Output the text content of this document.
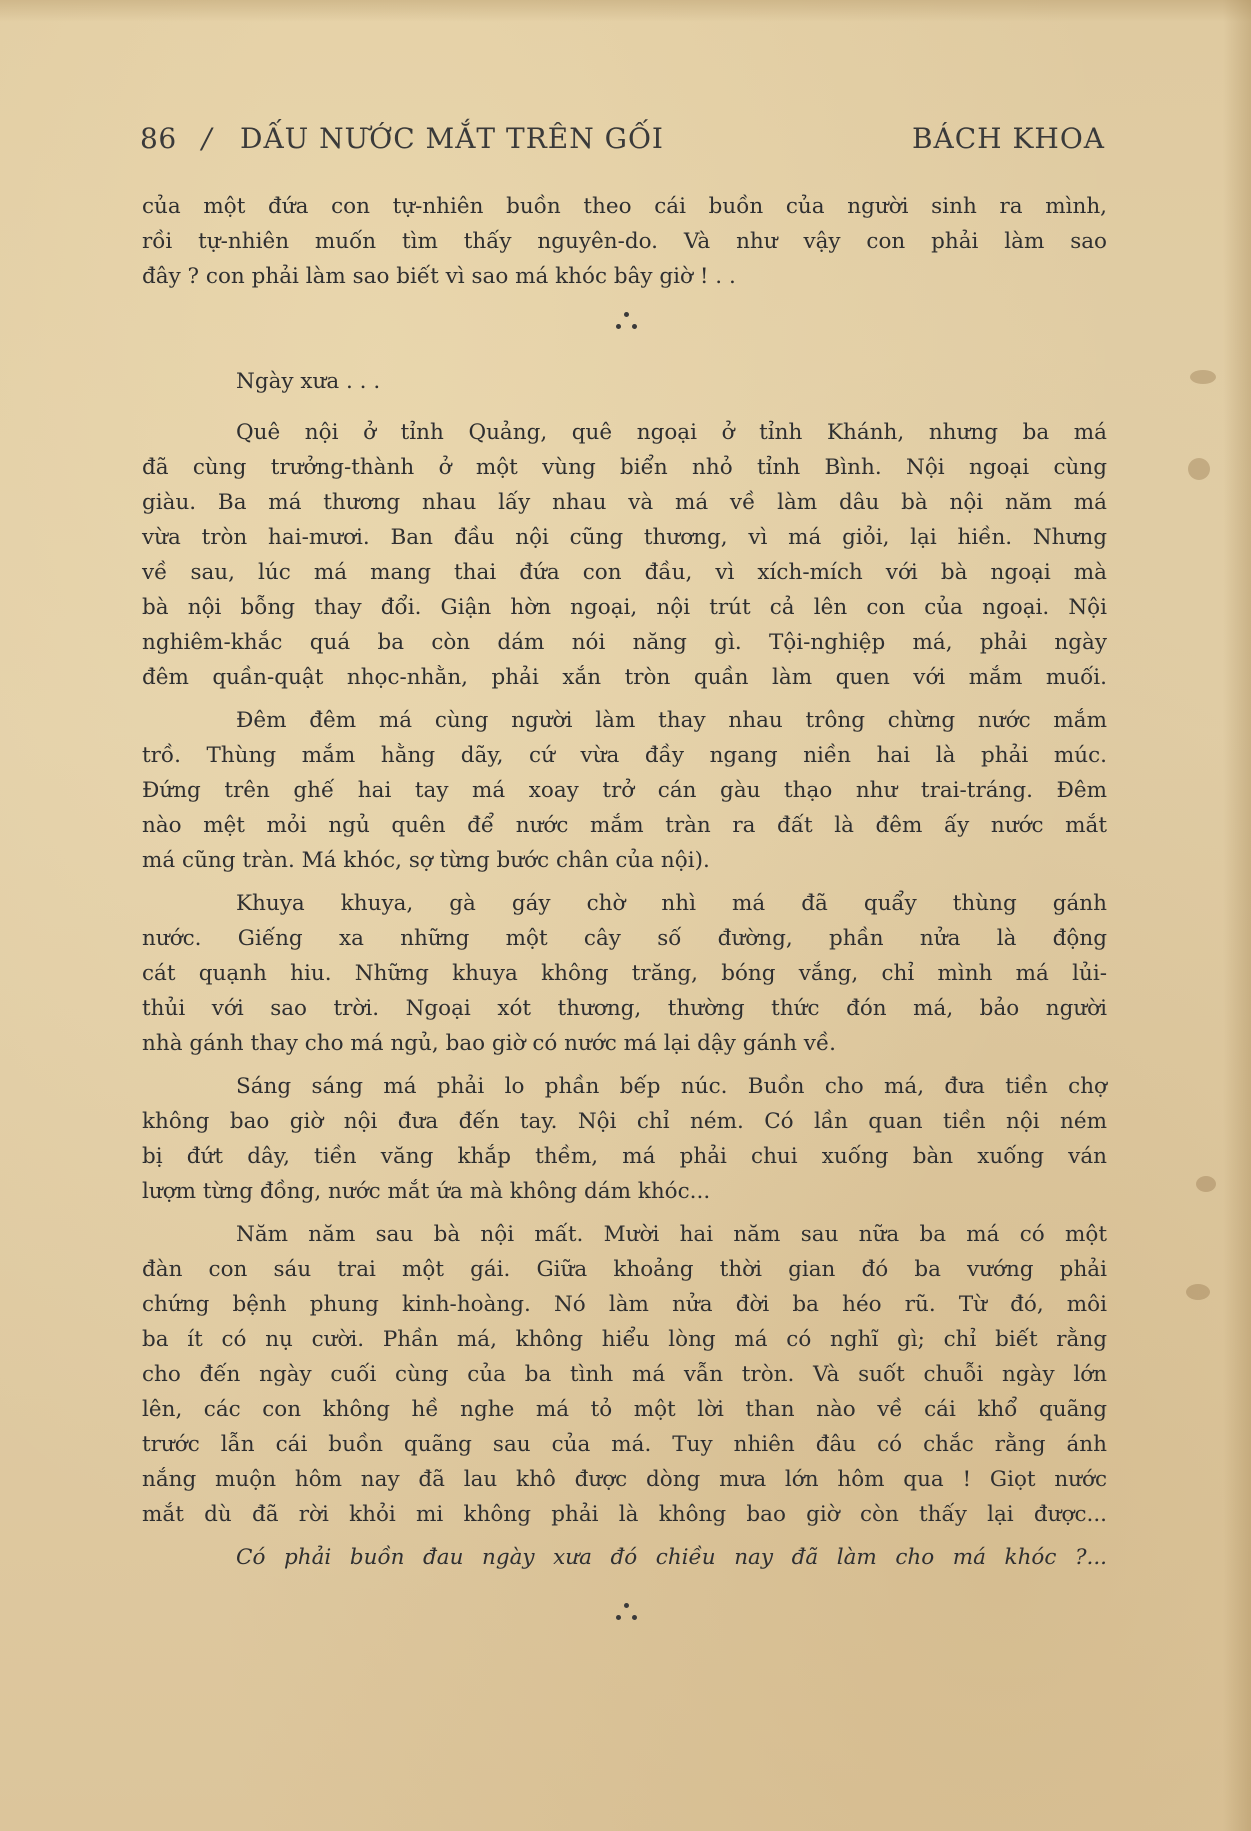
86 / DẤU NƯỚC MẮT TRÊN GỐI	BÁCH KHOA

của một đứa con tự-nhiên buồn theo cái buồn của người sinh ra mình,
rồi tự-nhiên muốn tìm thấy nguyên-do. Và như vậy con phải làm sao
đây ? con phải làm sao biết vì sao má khóc bây giờ ! . .

Ngày xưa . . .

Quê nội ở tỉnh Quảng, quê ngoại ở tỉnh Khánh, nhưng ba má
đã cùng trưởng-thành ở một vùng biển nhỏ tỉnh Bình. Nội ngoại cùng
giàu. Ba má thương nhau lấy nhau và má về làm dâu bà nội năm má
vừa tròn hai-mươi. Ban đầu nội cũng thương, vì má giỏi, lại hiền. Nhưng
về sau, lúc má mang thai đứa con đầu, vì xích-mích với bà ngoại mà
bà nội bỗng thay đổi. Giận hờn ngoại, nội trút cả lên con của ngoại. Nội
nghiêm-khắc quá ba còn dám nói năng gì. Tội-nghiệp má, phải ngày
đêm quần-quật nhọc-nhằn, phải xắn tròn quần làm quen với mắm muối.

Đêm đêm má cùng người làm thay nhau trông chừng nước mắm
trồ. Thùng mắm hằng dãy, cứ vừa đầy ngang niền hai là phải múc.
Đứng trên ghế hai tay má xoay trở cán gàu thạo như trai-tráng. Đêm
nào mệt mỏi ngủ quên để nước mắm tràn ra đất là đêm ấy nước mắt
má cũng tràn. Má khóc, sợ từng bước chân của nội).

Khuya khuya, gà gáy chờ nhì má đã quẩy thùng gánh
nước. Giếng xa những một cây số đường, phần nửa là động
cát quạnh hiu. Những khuya không trăng, bóng vắng, chỉ mình má lủi-
thủi với sao trời. Ngoại xót thương, thường thức đón má, bảo người
nhà gánh thay cho má ngủ, bao giờ có nước má lại dậy gánh về.

Sáng sáng má phải lo phần bếp núc. Buồn cho má, đưa tiền chợ
không bao giờ nội đưa đến tay. Nội chỉ ném. Có lần quan tiền nội ném
bị đứt dây, tiền văng khắp thềm, má phải chui xuống bàn xuống ván
lượm từng đồng, nước mắt ứa mà không dám khóc...

Năm năm sau bà nội mất. Mười hai năm sau nữa ba má có một
đàn con sáu trai một gái. Giữa khoảng thời gian đó ba vướng phải
chứng bệnh phung kinh-hoàng. Nó làm nửa đời ba héo rũ. Từ đó, môi
ba ít có nụ cười. Phần má, không hiểu lòng má có nghĩ gì; chỉ biết rằng
cho đến ngày cuối cùng của ba tình má vẫn tròn. Và suốt chuỗi ngày lớn
lên, các con không hề nghe má tỏ một lời than nào về cái khổ quãng
trước lẫn cái buồn quãng sau của má. Tuy nhiên đâu có chắc rằng ánh
nắng muộn hôm nay đã lau khô được dòng mưa lớn hôm qua ! Giọt nước
mắt dù đã rời khỏi mi không phải là không bao giờ còn thấy lại được...

Có phải buồn đau ngày xưa đó chiều nay đã làm cho má khóc ?...
